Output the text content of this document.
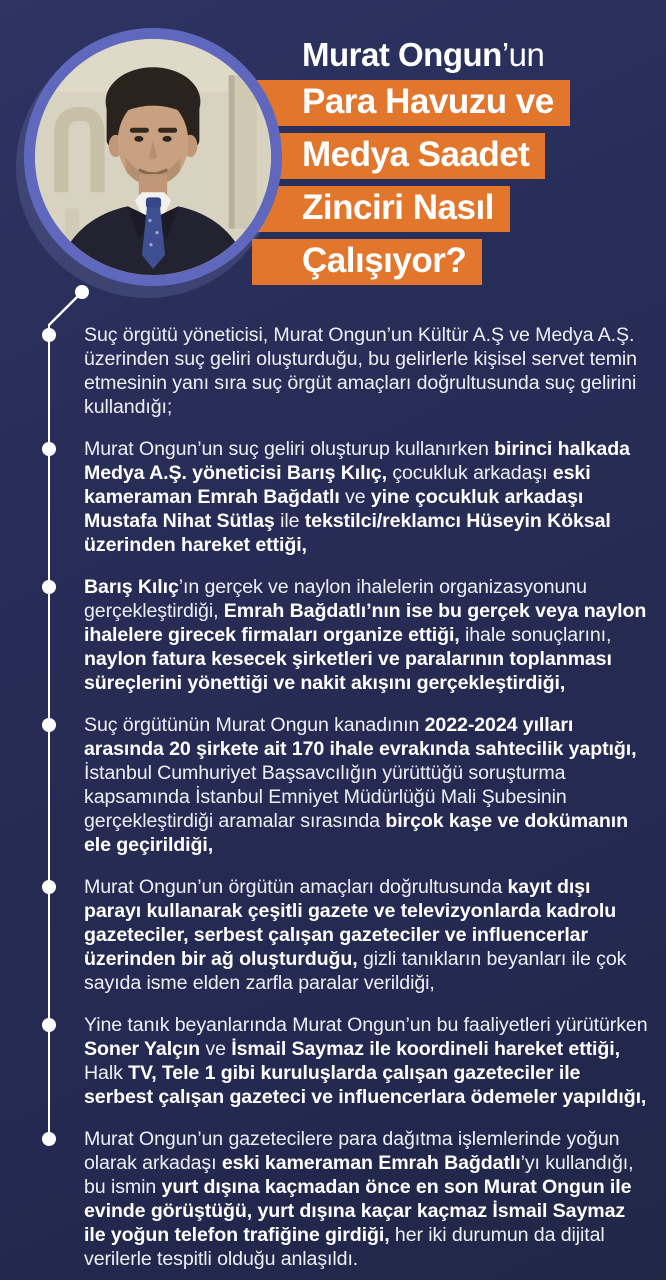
Murat Ongun’un

Para Havuzu ve
Medya Saadet
Zinciri Nasıl
Çalışıyor?

Suç örgütü yöneticisi, Murat Ongun’un Kültür A.Ş ve Medya A.Ş. üzerinden suç geliri oluşturduğu, bu gelirlerle kişisel servet temin etmesinin yanı sıra suç örgüt amaçları doğrultusunda suç gelirini kullandığı;

Murat Ongun’un suç geliri oluşturup kullanırken birinci halkada Medya A.Ş. yöneticisi Barış Kılıç, çocukluk arkadaşı eski kameraman Emrah Bağdatlı ve yine çocukluk arkadaşı Mustafa Nihat Sütlaş ile tekstilci/reklamcı Hüseyin Köksal üzerinden hareket ettiği,

Barış Kılıç’ın gerçek ve naylon ihalelerin organizasyonunu gerçekleştirdiği, Emrah Bağdatlı’nın ise bu gerçek veya naylon ihalelere girecek firmaları organize ettiği, ihale sonuçlarını, naylon fatura kesecek şirketleri ve paralarının toplanması süreçlerini yönettiği ve nakit akışını gerçekleştirdiği,

Suç örgütünün Murat Ongun kanadının 2022-2024 yılları arasında 20 şirkete ait 170 ihale evrakında sahtecilik yaptığı, İstanbul Cumhuriyet Başsavcılığın yürüttüğü soruşturma kapsamında İstanbul Emniyet Müdürlüğü Mali Şubesinin gerçekleştirdiği aramalar sırasında birçok kaşe ve dokümanın ele geçirildiği,

Murat Ongun’un örgütün amaçları doğrultusunda kayıt dışı parayı kullanarak çeşitli gazete ve televizyonlarda kadrolu gazeteciler, serbest çalışan gazeteciler ve influencerlar üzerinden bir ağ oluşturduğu, gizli tanıkların beyanları ile çok sayıda isme elden zarfla paralar verildiği,

Yine tanık beyanlarında Murat Ongun’un bu faaliyetleri yürütürken Soner Yalçın ve İsmail Saymaz ile koordineli hareket ettiği, Halk TV, Tele 1 gibi kuruluşlarda çalışan gazeteciler ile serbest çalışan gazeteci ve influencerlara ödemeler yapıldığı,

Murat Ongun’un gazetecilere para dağıtma işlemlerinde yoğun olarak arkadaşı eski kameraman Emrah Bağdatlı’yı kullandığı, bu ismin yurt dışına kaçmadan önce en son Murat Ongun ile evinde görüştüğü, yurt dışına kaçar kaçmaz İsmail Saymaz ile yoğun telefon trafiğine girdiği, her iki durumun da dijital verilerle tespitli olduğu anlaşıldı.
